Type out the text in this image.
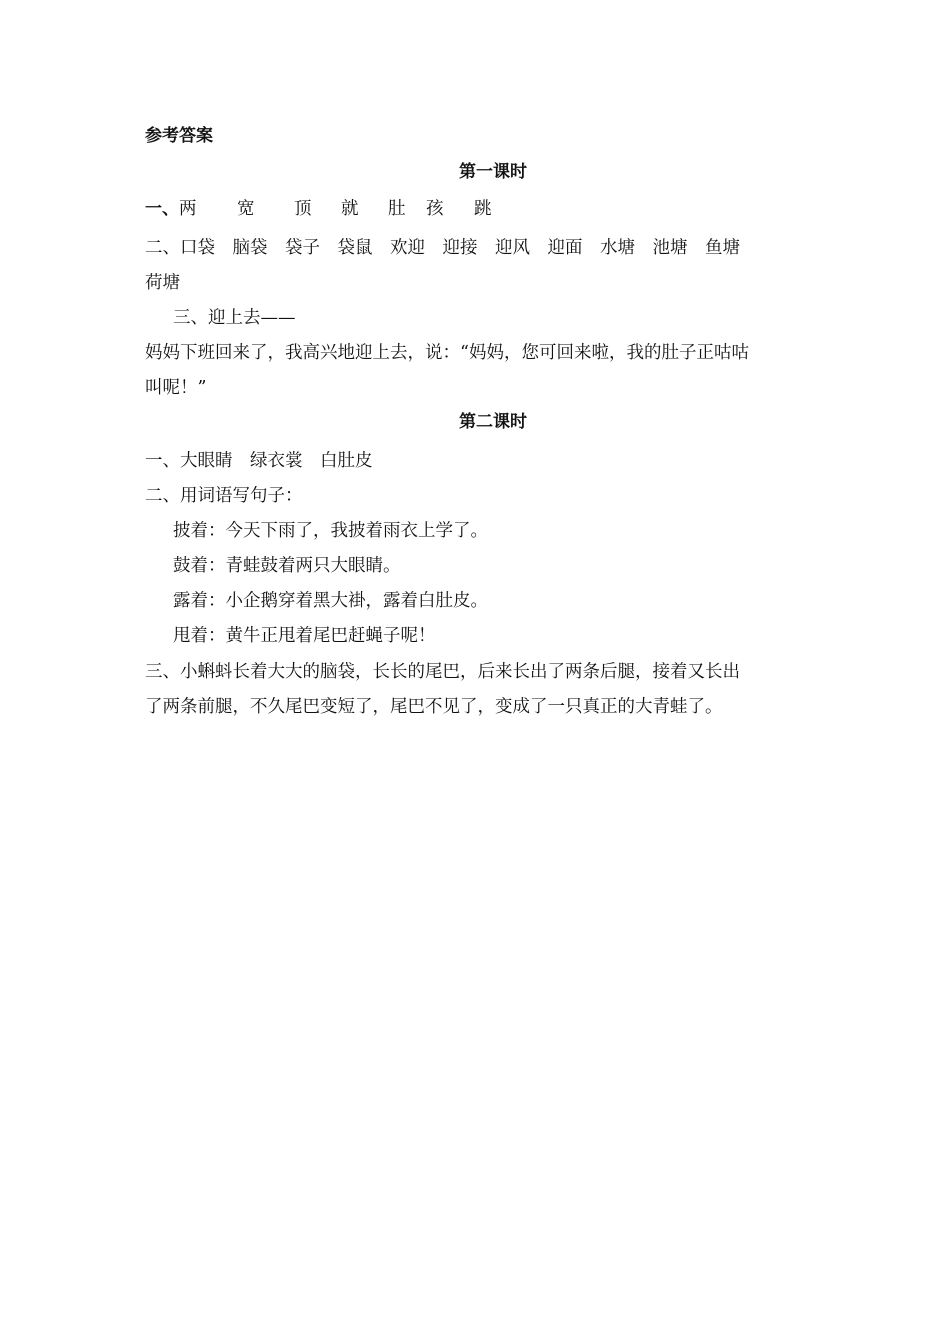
参考答案
第一课时
一、两 宽 顶 就 肚 孩 跳
二、口袋　脑袋　袋子　袋鼠　欢迎　迎接　迎风　迎面　水塘　池塘　鱼塘
荷塘
三、迎上去——
妈妈下班回来了，我高兴地迎上去，说：“妈妈，您可回来啦，我的肚子正咕咕
叫呢！”
第二课时
一、大眼睛　绿衣裳　白肚皮
二、用词语写句子：
披着：今天下雨了，我披着雨衣上学了。
鼓着：青蛙鼓着两只大眼睛。
露着：小企鹅穿着黑大褂，露着白肚皮。
甩着：黄牛正甩着尾巴赶蝇子呢！
三、小蝌蚪长着大大的脑袋，长长的尾巴，后来长出了两条后腿，接着又长出
了两条前腿，不久尾巴变短了，尾巴不见了，变成了一只真正的大青蛙了。
